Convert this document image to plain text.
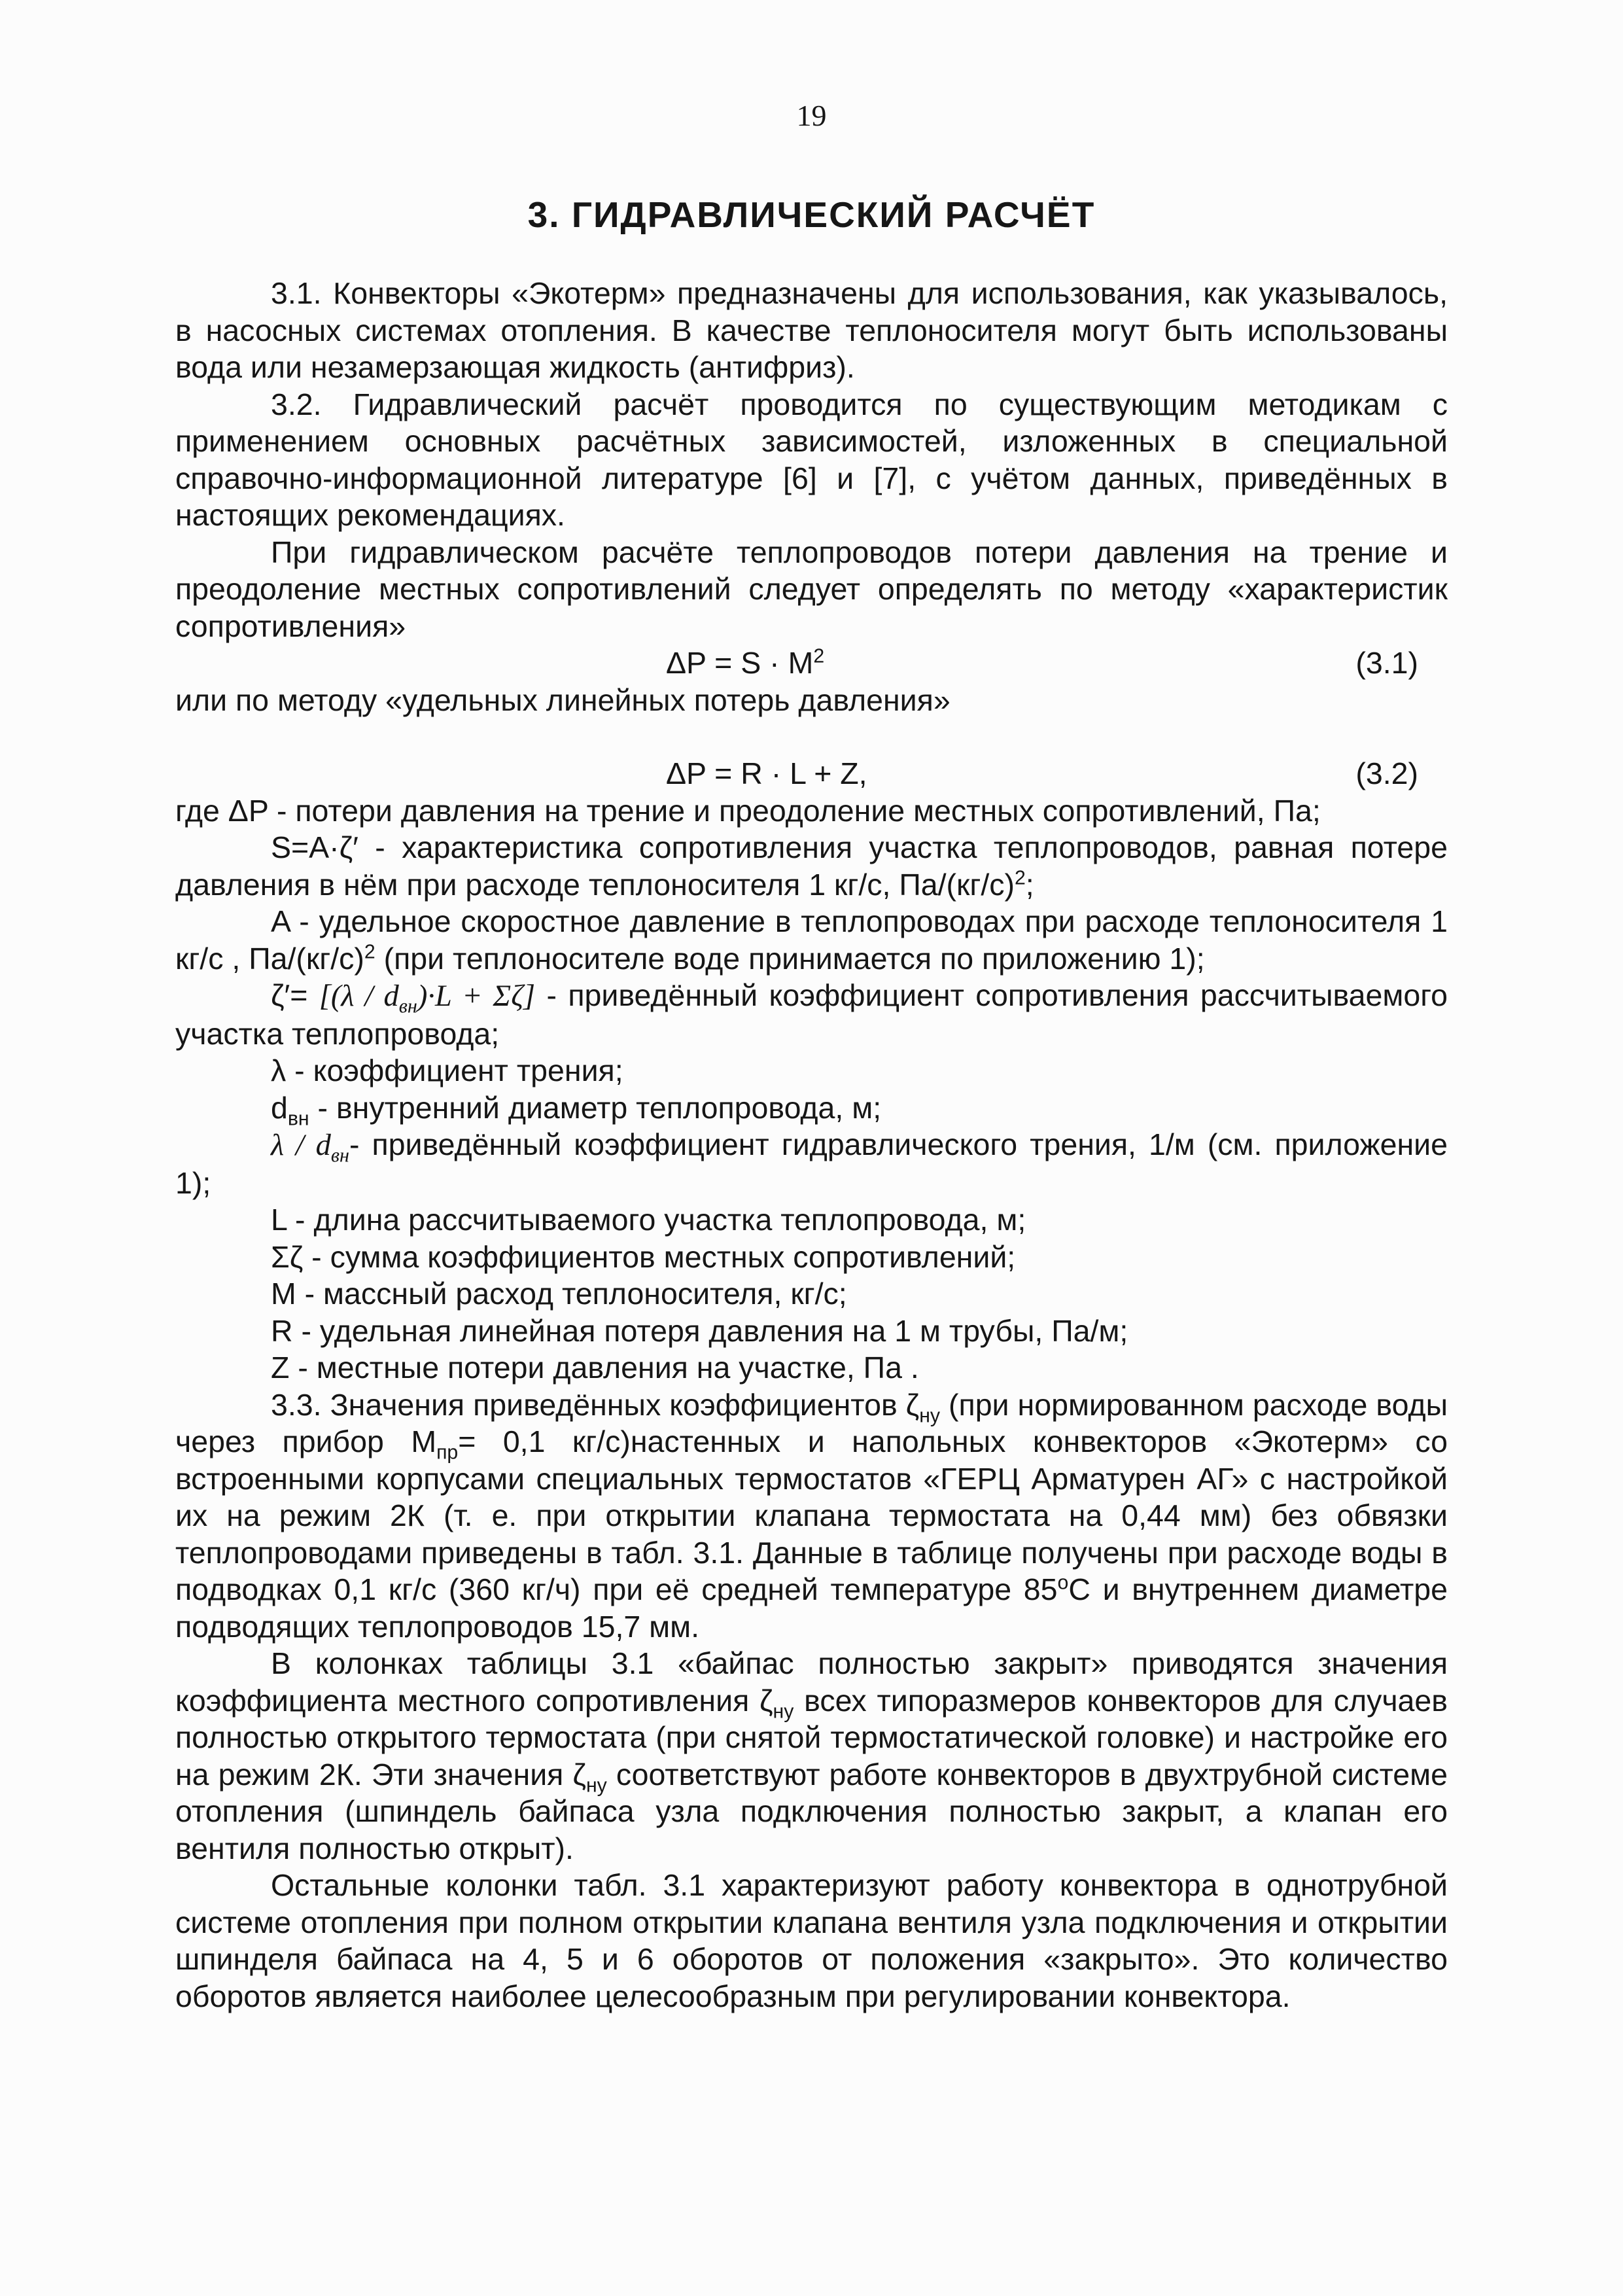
19
3. ГИДРАВЛИЧЕСКИЙ РАСЧЁТ

3.1. Конвекторы «Экотерм» предназначены для использования, как указывалось, в насосных системах отопления. В качестве теплоносителя могут быть использованы вода или незамерзающая жидкость (антифриз).

3.2. Гидравлический расчёт проводится по существующим методикам с применением основных расчётных зависимостей, изложенных в специальной справочно-информационной литературе [6] и [7], с учётом данных, приведённых в настоящих рекомендациях.

При гидравлическом расчёте теплопроводов потери давления на трение и преодоление местных сопротивлений следует определять по методу «характеристик сопротивления»

$\Delta P = S \cdot M^2$	(3.1)

или по методу «удельных линейных потерь давления»

ΔP = R · L + Z,	(3.2)

где ΔP - потери давления на трение и преодоление местных сопротивлений, Па;

S=A·ζ′ - характеристика сопротивления участка теплопроводов, равная потере давления в нём при расходе теплоносителя 1 кг/с, $Па/(кг/с)^2$;

A - удельное скоростное давление в теплопроводах при расходе теплоносителя 1 кг/с , $Па/(кг/с)^2$ (при теплоносителе воде принимается по приложению 1);

$\zeta'= [(\lambda / d_{вн})\cdot L + \Sigma\zeta]$ - приведённый коэффициент сопротивления рассчитываемого участка теплопровода;

λ - коэффициент трения;

$d_{вн}$ - внутренний диаметр теплопровода, м;

λ / $d_{вн}-$ приведённый коэффициент гидравлического трения, 1/м (см. приложение 1);

L - длина рассчитываемого участка теплопровода, м;

Σζ - сумма коэффициентов местных сопротивлений;

M - массный расход теплоносителя, кг/с;

R - удельная линейная потеря давления на 1 м трубы, Па/м;

Z - местные потери давления на участке, Па .

3.3. Значения приведённых коэффициентов $\zeta_{ну}$ (при нормированном расходе воды через прибор $M_{пр}= 0,1$ кг/с)настенных и напольных конвекторов «Экотерм» со встроенными корпусами специальных термостатов «ГЕРЦ Арматурен АГ» с настройкой их на режим 2К (т. е. при открытии клапана термостата на 0,44 мм) без обвязки теплопроводами приведены в табл. 3.1. Данные в таблице получены при расходе воды в подводках 0,1 кг/с (360 кг/ч) при её средней температуре 85$^o$С и внутреннем диаметре подводящих теплопроводов 15,7 мм.

В колонках таблицы 3.1 «байпас полностью закрыт» приводятся значения коэффициента местного сопротивления $\zeta_{ну}$ всех типоразмеров конвекторов для случаев полностью открытого термостата (при снятой термостатической головке) и настройке его на режим 2К. Эти значения $\zeta_{ну}$ соответствуют работе конвекторов в двухтрубной системе отопления (шпиндель байпаса узла подключения полностью закрыт, а клапан его вентиля полностью открыт).

Остальные колонки табл. 3.1 характеризуют работу конвектора в однотрубной системе отопления при полном открытии клапана вентиля узла подключения и открытии шпинделя байпаса на 4, 5 и 6 оборотов от положения «закрыто». Это количество оборотов является наиболее целесообразным при регулировании конвектора.
